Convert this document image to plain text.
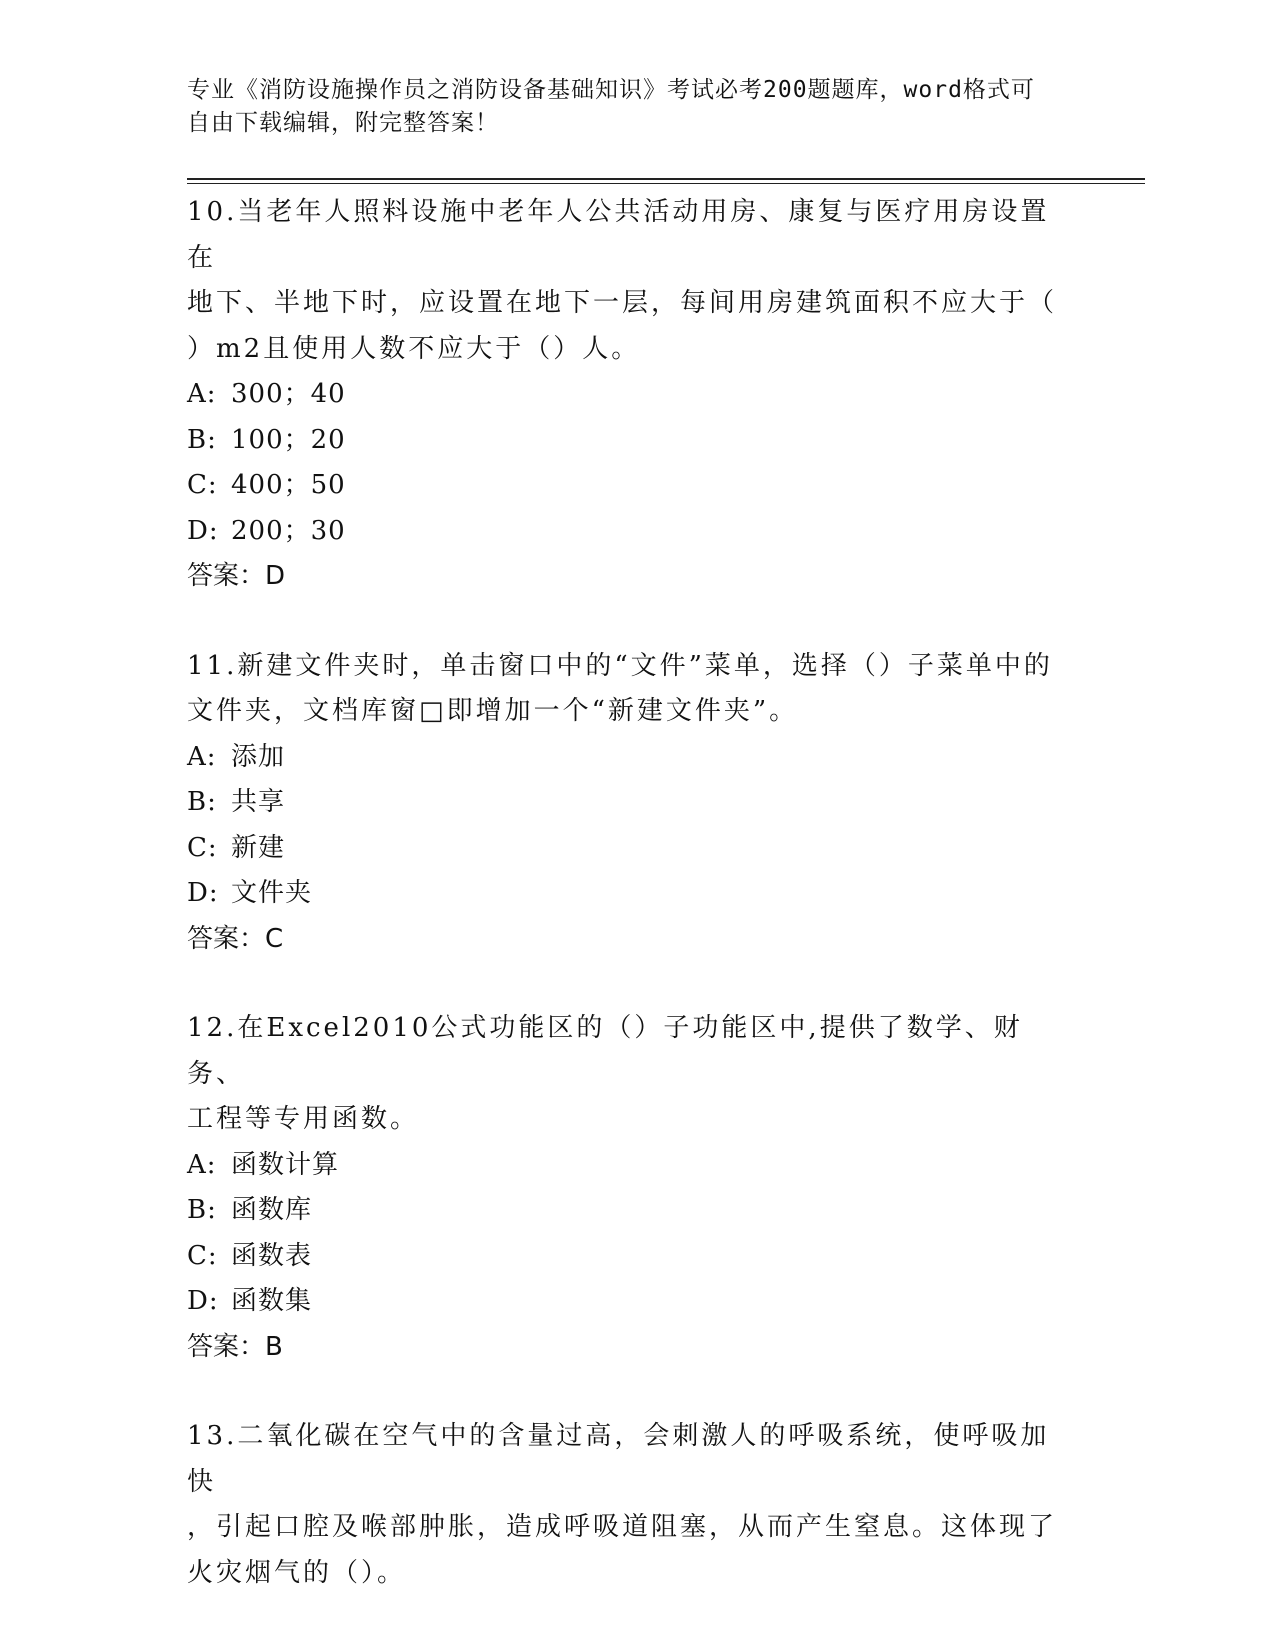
专业《消防设施操作员之消防设备基础知识》考试必考200题题库，word格式可
自由下载编辑，附完整答案！

10.当老年人照料设施中老年人公共活动用房、康复与医疗用房设置在

地下、半地下时，应设置在地下一层，每间用房建筑面积不应大于（

）m2且使用人数不应大于（）人。

A: 300；40

B: 100；20

C: 400；50

D: 200；30

答案：D

11.新建文件夹时，单击窗口中的“文件”菜单，选择（）子菜单中的

文件夹，文档库窗□即增加一个“新建文件夹”。

A: 添加

B: 共享

C: 新建

D: 文件夹

答案：C

12.在Excel2010公式功能区的（）子功能区中,提供了数学、财务、

工程等专用函数。

A: 函数计算

B: 函数库

C: 函数表

D: 函数集

答案：B

13.二氧化碳在空气中的含量过高，会刺激人的呼吸系统，使呼吸加快

，引起口腔及喉部肿胀，造成呼吸道阻塞，从而产生窒息。这体现了

火灾烟气的（）。
